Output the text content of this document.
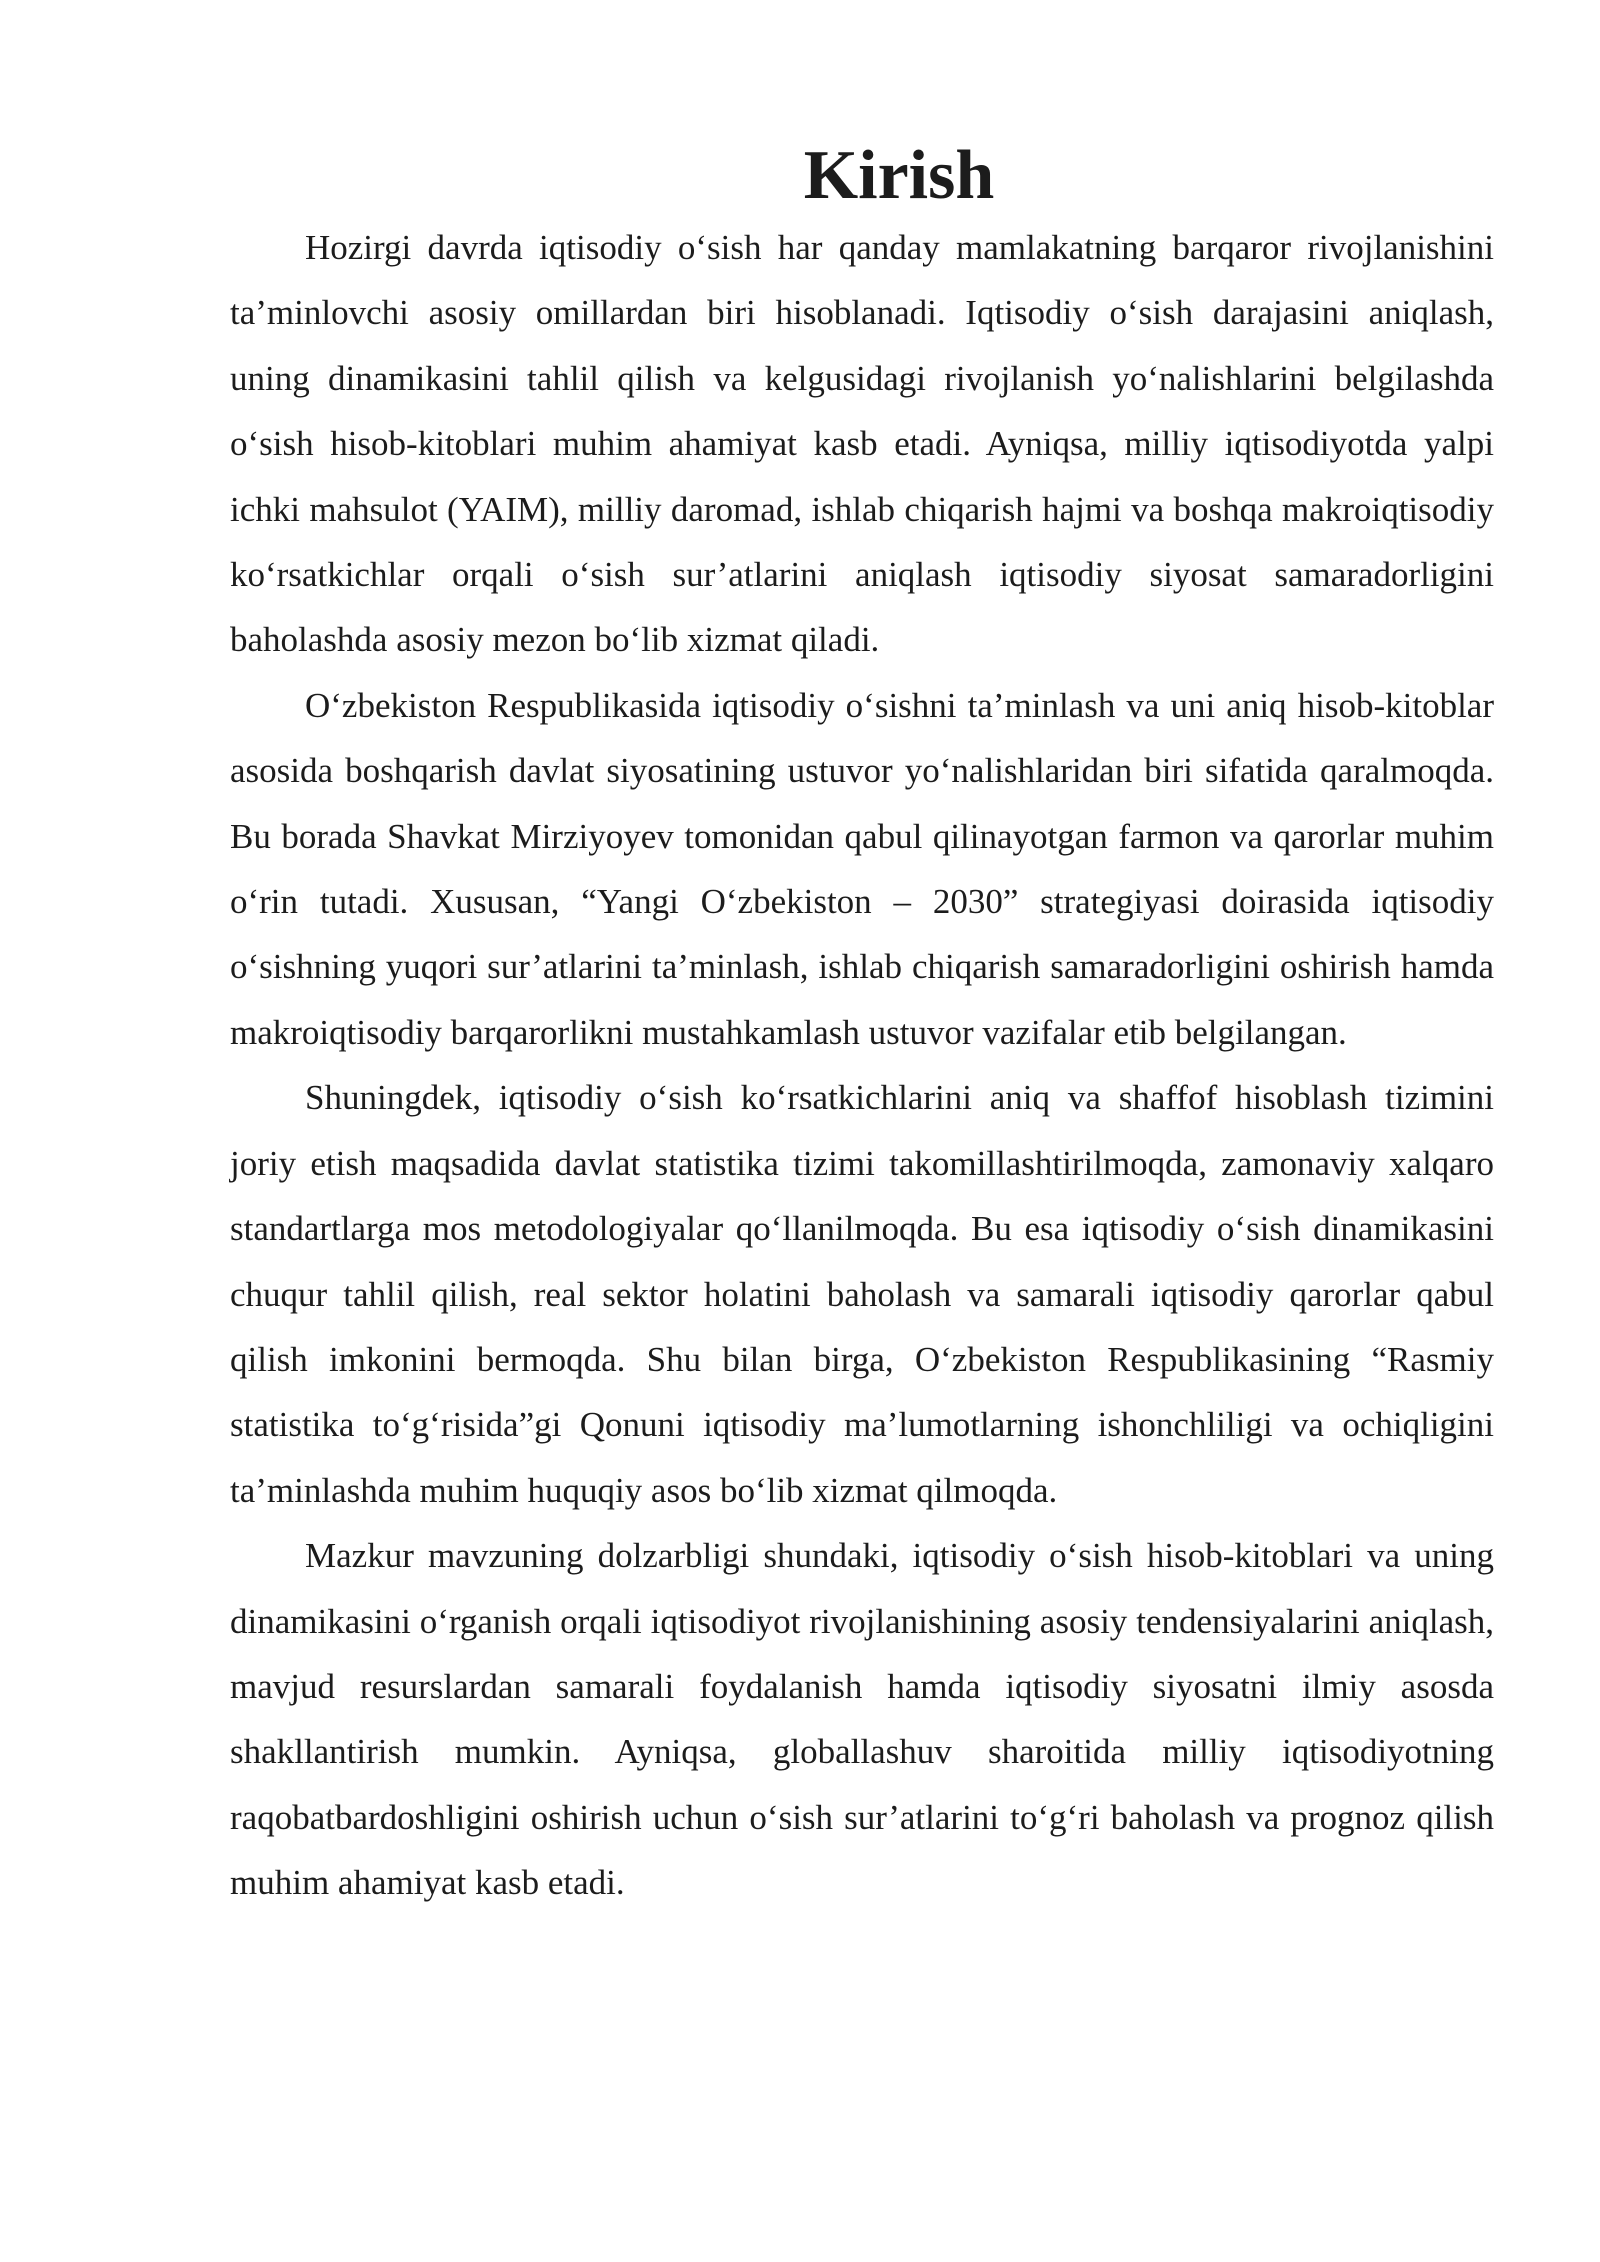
Kirish

Hozirgi davrda iqtisodiy o‘sish har qanday mamlakatning barqaror rivojlanishini ta’minlovchi asosiy omillardan biri hisoblanadi. Iqtisodiy o‘sish darajasini aniqlash, uning dinamikasini tahlil qilish va kelgusidagi rivojlanish yo‘nalishlarini belgilashda o‘sish hisob-kitoblari muhim ahamiyat kasb etadi. Ayniqsa, milliy iqtisodiyotda yalpi ichki mahsulot (YAIM), milliy daromad, ishlab chiqarish hajmi va boshqa makroiqtisodiy ko‘rsatkichlar orqali o‘sish sur’atlarini aniqlash iqtisodiy siyosat samaradorligini baholashda asosiy mezon bo‘lib xizmat qiladi.

O‘zbekiston Respublikasida iqtisodiy o‘sishni ta’minlash va uni aniq hisob-kitoblar asosida boshqarish davlat siyosatining ustuvor yo‘nalishlaridan biri sifatida qaralmoqda. Bu borada Shavkat Mirziyoyev tomonidan qabul qilinayotgan farmon va qarorlar muhim o‘rin tutadi. Xususan, “Yangi O‘zbekiston – 2030” strategiyasi doirasida iqtisodiy o‘sishning yuqori sur’atlarini ta’minlash, ishlab chiqarish samaradorligini oshirish hamda makroiqtisodiy barqarorlikni mustahkamlash ustuvor vazifalar etib belgilangan.

Shuningdek, iqtisodiy o‘sish ko‘rsatkichlarini aniq va shaffof hisoblash tizimini joriy etish maqsadida davlat statistika tizimi takomillashtirilmoqda, zamonaviy xalqaro standartlarga mos metodologiyalar qo‘llanilmoqda. Bu esa iqtisodiy o‘sish dinamikasini chuqur tahlil qilish, real sektor holatini baholash va samarali iqtisodiy qarorlar qabul qilish imkonini bermoqda. Shu bilan birga, O‘zbekiston Respublikasining “Rasmiy statistika to‘g‘risida”gi Qonuni iqtisodiy ma’lumotlarning ishonchliligi va ochiqligini ta’minlashda muhim huquqiy asos bo‘lib xizmat qilmoqda.

Mazkur mavzuning dolzarbligi shundaki, iqtisodiy o‘sish hisob-kitoblari va uning dinamikasini o‘rganish orqali iqtisodiyot rivojlanishining asosiy tendensiyalarini aniqlash, mavjud resurslardan samarali foydalanish hamda iqtisodiy siyosatni ilmiy asosda shakllantirish mumkin. Ayniqsa, globallashuv sharoitida milliy iqtisodiyotning raqobatbardoshligini oshirish uchun o‘sish sur’atlarini to‘g‘ri baholash va prognoz qilish muhim ahamiyat kasb etadi.
